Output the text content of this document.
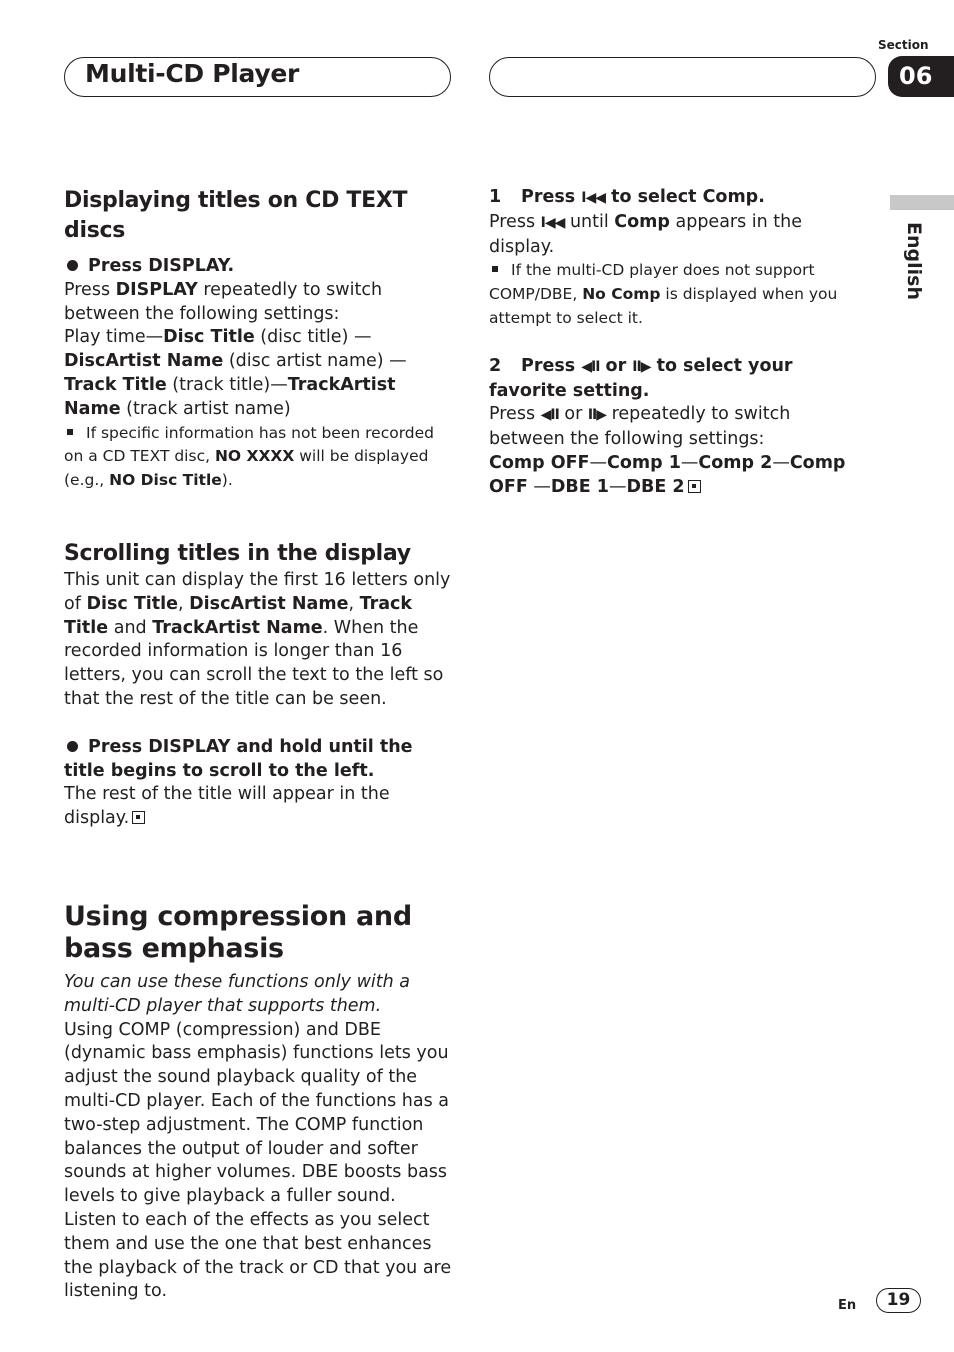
Multi-CD Player
Section
06
English
Displaying titles on CD TEXT discs

Press DISPLAY.

Press DISPLAY repeatedly to switch between the following settings:

Play time—Disc Title (disc title) —DiscArtist Name (disc artist name) —Track Title (track title)—TrackArtist Name (track artist name)

If specific information has not been recorded on a CD TEXT disc, NO XXXX will be displayed (e.g., NO Disc Title).

Scrolling titles in the display

This unit can display the first 16 letters only of Disc Title, DiscArtist Name, Track Title and TrackArtist Name. When the recorded information is longer than 16 letters, you can scroll the text to the left so that the rest of the title can be seen.

Press DISPLAY and hold until the title begins to scroll to the left.

The rest of the title will appear in the display.

Using compression and
bass emphasis

You can use these functions only with a multi-CD player that supports them.

Using COMP (compression) and DBE (dynamic bass emphasis) functions lets you adjust the sound playback quality of the multi-CD player. Each of the functions has a two-step adjustment. The COMP function balances the output of louder and softer sounds at higher volumes. DBE boosts bass levels to give playback a fuller sound. Listen to each of the effects as you select them and use the one that best enhances the playback of the track or CD that you are listening to.

1 Press I◀◀ to select Comp.

Press I◀◀ until Comp appears in the display.

If the multi-CD player does not support COMP/DBE, No Comp is displayed when you attempt to select it.

2 Press ◀II or II▶ to select your favorite setting.

Press ◀II or II▶ repeatedly to switch between the following settings:

Comp OFF—Comp 1—Comp 2—Comp OFF —DBE 1—DBE 2

En	19
